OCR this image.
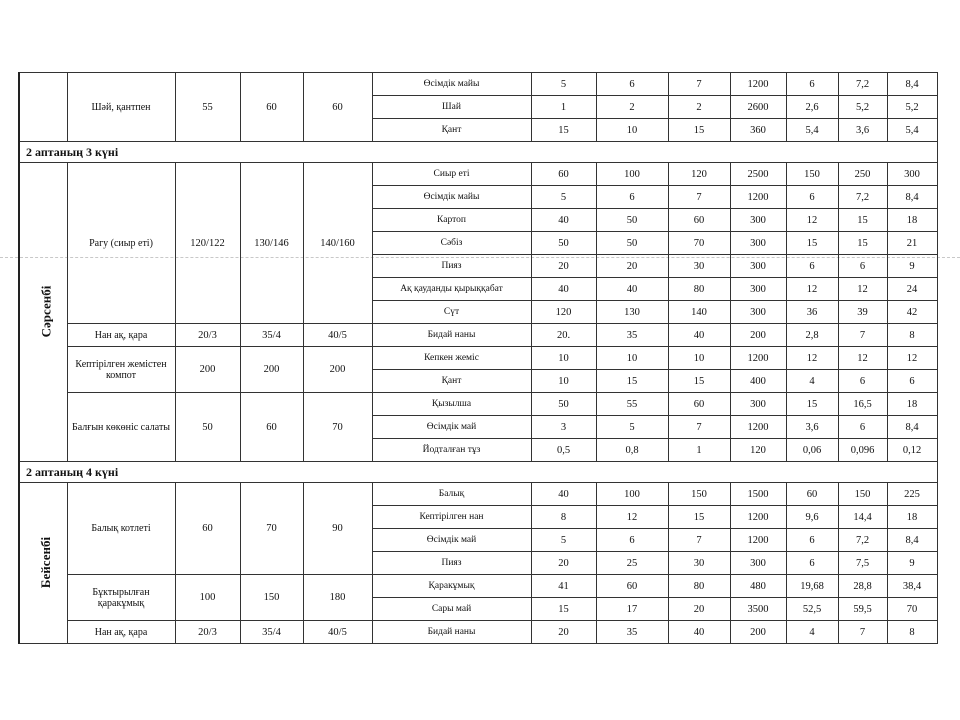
	Шәй, қантпен	55	60	60	Өсімдік майы	5	6	7	1200	6	7,2	8,4
					Шай	1	2	2	2600	2,6	5,2	5,2
					Қант	15	10	15	360	5,4	3,6	5,4
2 аптаның 3 күні												
Сәрсенбі	Рагу (сиыр еті)	120/122	130/146	140/160	Сиыр еті	60	100	120	2500	150	250	300
					Өсімдік майы	5	6	7	1200	6	7,2	8,4
					Картоп	40	50	60	300	12	15	18
					Сәбіз	50	50	70	300	15	15	21
					Пияз	20	20	30	300	6	6	9
					Ақ қауданды қырыққабат	40	40	80	300	12	12	24
					Сүт	120	130	140	300	36	39	42
	Нан ақ, қара	20/3	35/4	40/5	Бидай наны	20.	35	40	200	2,8	7	8
	Кептірілген жемістен компот	200	200	200	Кепкен жеміс	10	10	10	1200	12	12	12
					Қант	10	15	15	400	4	6	6
	Балғын көкөніс салаты	50	60	70	Қызылша	50	55	60	300	15	16,5	18
					Өсімдік май	3	5	7	1200	3,6	6	8,4
					Йодталған тұз	0,5	0,8	1	120	0,06	0,096	0,12
2 аптаның 4 күні												
Бейсенбі	Балық котлеті	60	70	90	Балық	40	100	150	1500	60	150	225
					Кептірілген нан	8	12	15	1200	9,6	14,4	18
					Өсімдік май	5	6	7	1200	6	7,2	8,4
					Пияз	20	25	30	300	6	7,5	9
	Бұктырылған қаракұмық	100	150	180	Қаракұмық	41	60	80	480	19,68	28,8	38,4
					Сары май	15	17	20	3500	52,5	59,5	70
	Нан ақ, қара	20/3	35/4	40/5	Бидай наны	20	35	40	200	4	7	8
